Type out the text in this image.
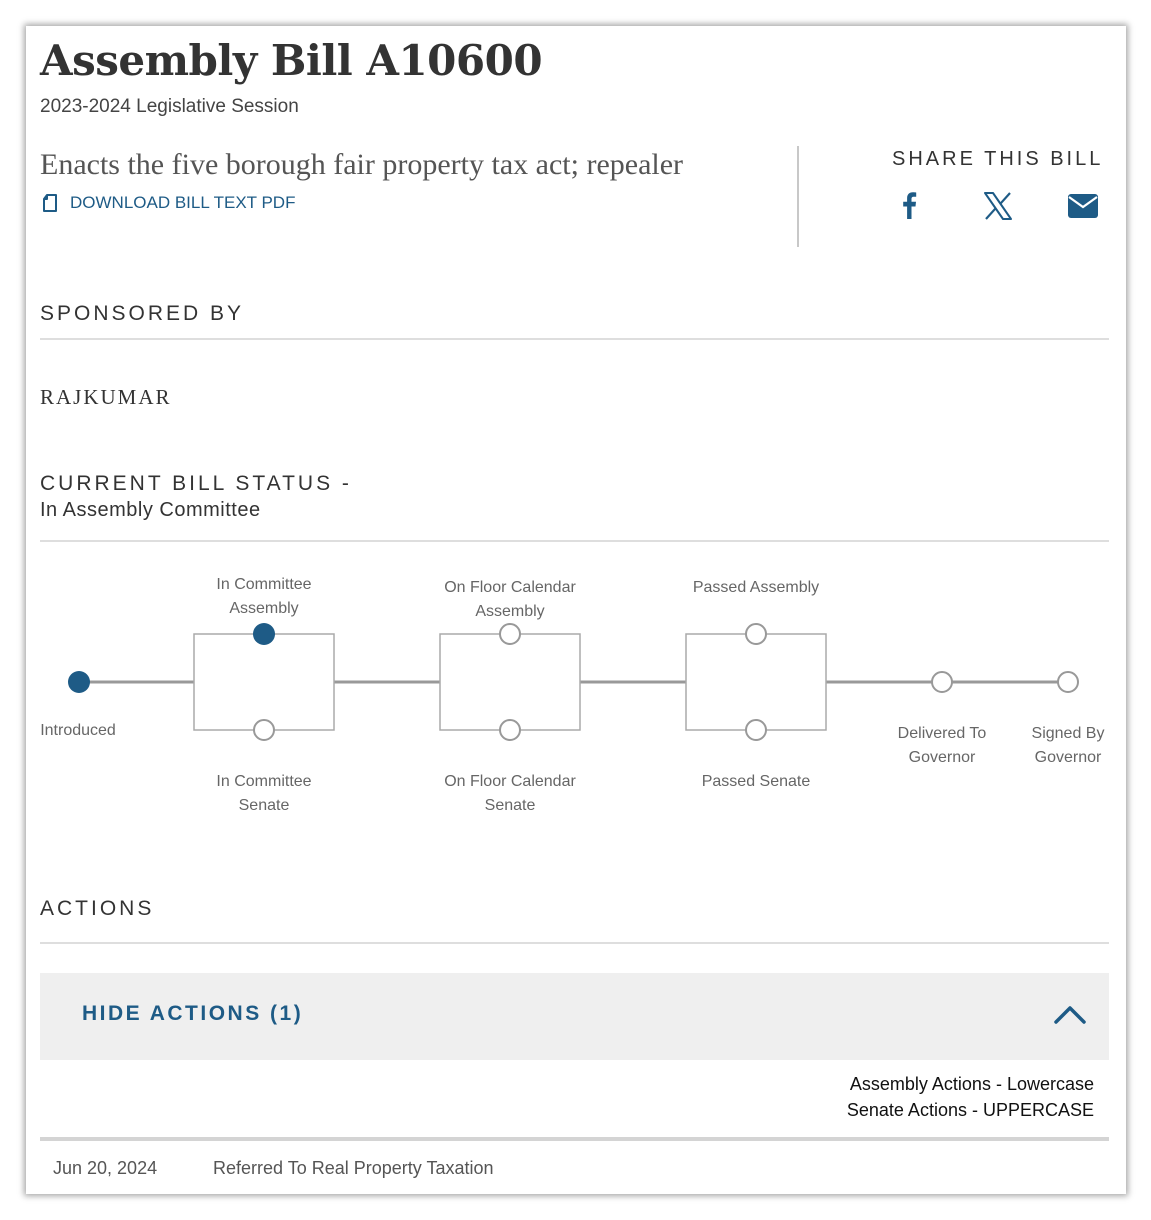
Assembly Bill A10600
2023-2024 Legislative Session
Enacts the five borough fair property tax act; repealer
DOWNLOAD BILL TEXT PDF
SHARE THIS BILL
SPONSORED BY
RAJKUMAR
CURRENT BILL STATUS -
In Assembly Committee
In Committee
Assembly
On Floor Calendar
Assembly
Passed Assembly
Introduced
In Committee
Senate
On Floor Calendar
Senate
Passed Senate
Delivered To
Governor
Signed By
Governor
ACTIONS
HIDE ACTIONS (1)
Assembly Actions - Lowercase
Senate Actions - UPPERCASE
Jun 20, 2024	Referred To Real Property Taxation
